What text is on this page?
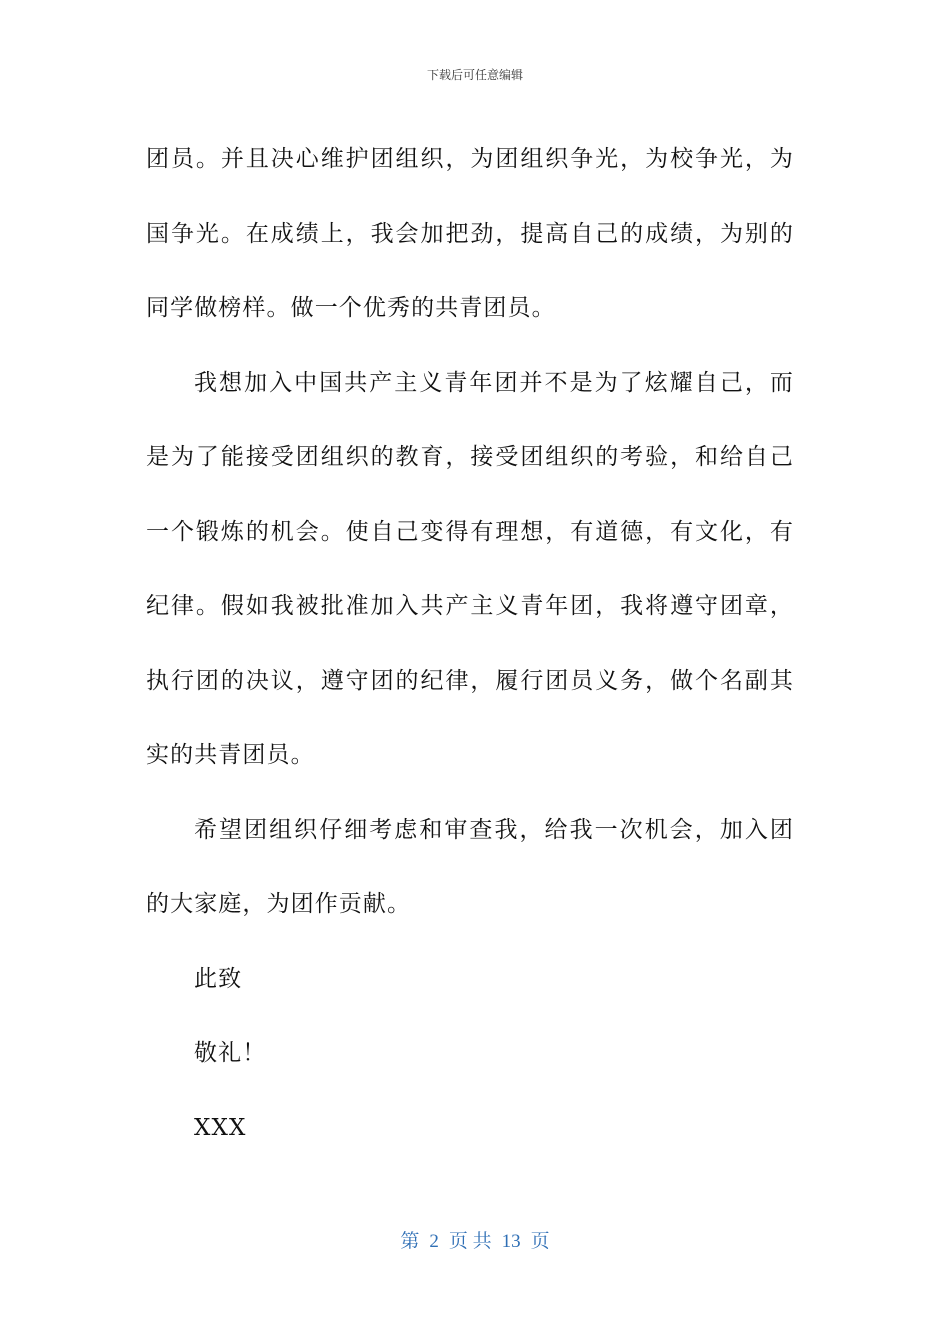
下载后可任意编辑

团员。并且决心维护团组织，为团组织争光，为校争光，为国争光。在成绩上，我会加把劲，提高自己的成绩，为别的同学做榜样。做一个优秀的共青团员。

我想加入中国共产主义青年团并不是为了炫耀自己，而是为了能接受团组织的教育，接受团组织的考验，和给自己一个锻炼的机会。使自己变得有理想，有道德，有文化，有纪律。假如我被批准加入共产主义青年团，我将遵守团章，执行团的决议，遵守团的纪律，履行团员义务，做个名副其实的共青团员。

希望团组织仔细考虑和审查我，给我一次机会，加入团的大家庭，为团作贡献。

此致

敬礼！

XXX

第 2 页 共 13 页
